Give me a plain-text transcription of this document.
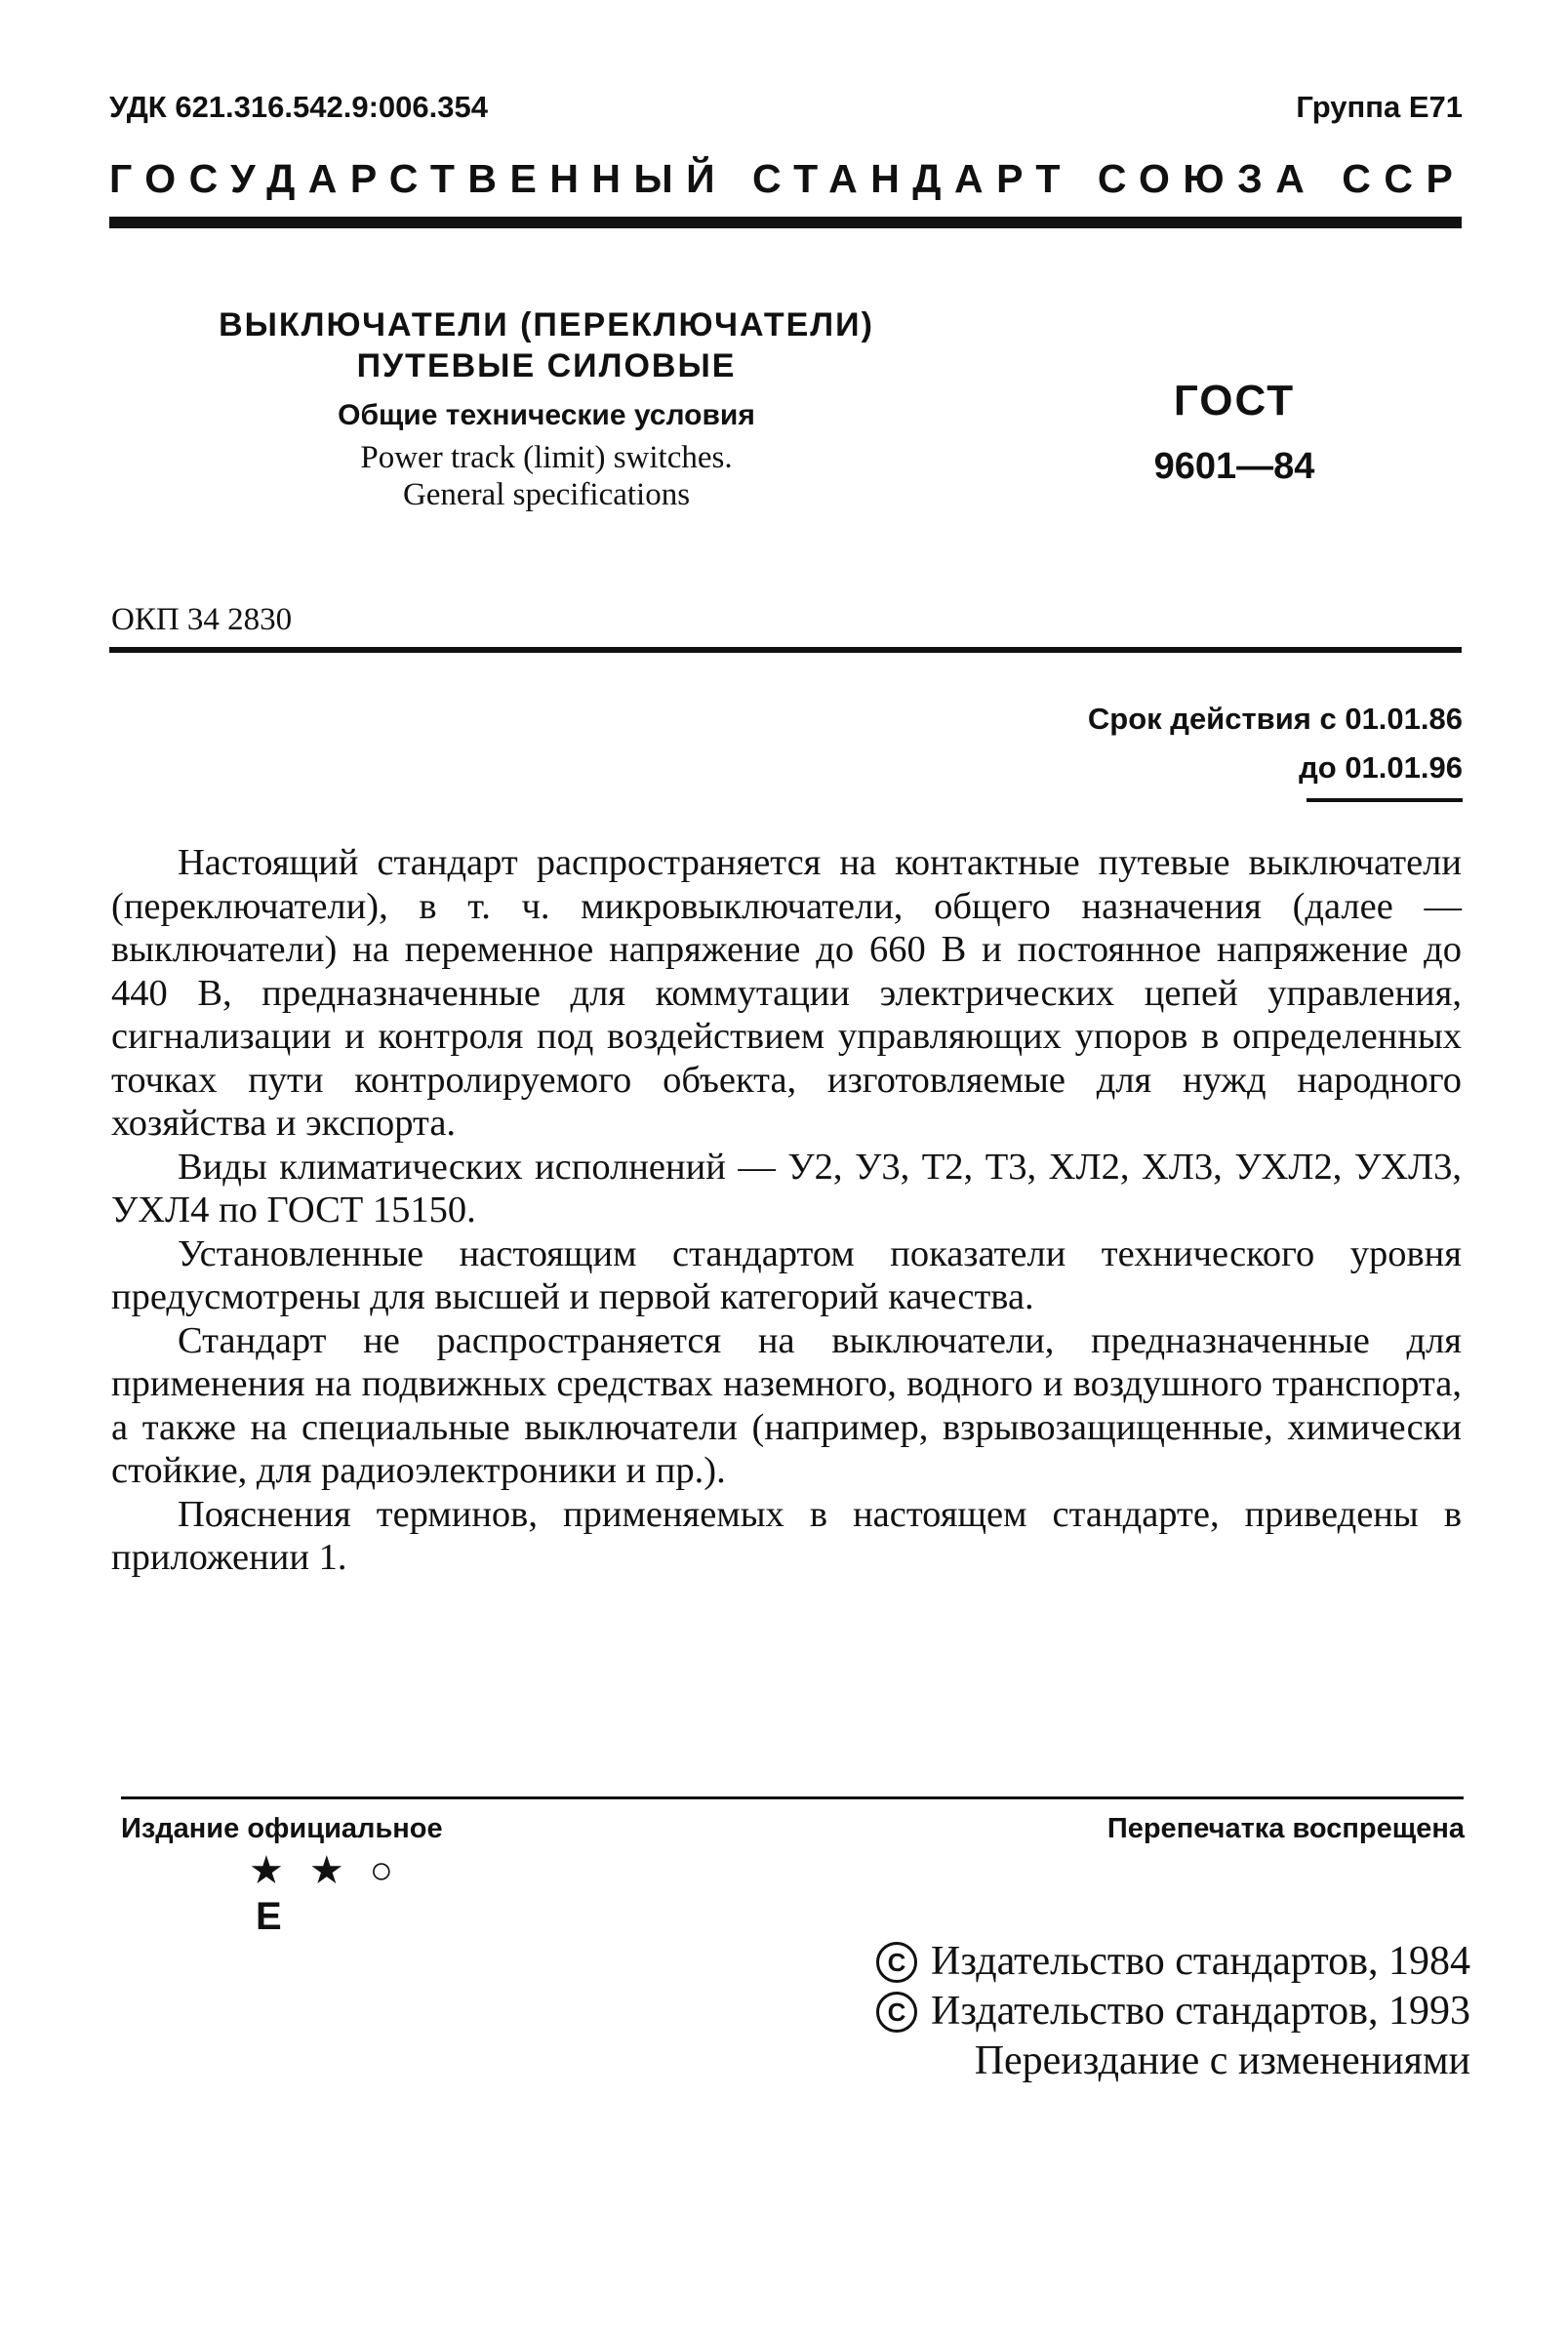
УДК 621.316.542.9:006.354	Группа Е71
ГОСУДАРСТВЕННЫЙ СТАНДАРТ СОЮЗА ССР
ВЫКЛЮЧАТЕЛИ (ПЕРЕКЛЮЧАТЕЛИ)
ПУТЕВЫЕ СИЛОВЫЕ
Общие технические условия
Power track (limit) switches.
General specifications
ГОСТ
9601—84
ОКП 34 2830
Срок действия с 01.01.86
до 01.01.96

Настоящий стандарт распространяется на контактные путевые выключатели (переключатели), в т. ч. микровыключатели, общего назначения (далее — выключатели) на переменное напряжение до 660 В и постоянное напряжение до 440 В, предназначенные для коммутации электрических цепей управления, сигнализации и контроля под воздействием управляющих упоров в определенных точках пути контролируемого объекта, изготовляемые для нужд народного хозяйства и экспорта.

Виды климатических исполнений — У2, У3, Т2, Т3, ХЛ2, ХЛ3, УХЛ2, УХЛ3, УХЛ4 по ГОСТ 15150.

Установленные настоящим стандартом показатели технического уровня предусмотрены для высшей и первой категорий качества.

Стандарт не распространяется на выключатели, предназначенные для применения на подвижных средствах наземного, водного и воздушного транспорта, а также на специальные выключатели (например, взрывозащищенные, химически стойкие, для радиоэлектроники и пр.).

Пояснения терминов, применяемых в настоящем стандарте, приведены в приложении 1.

Издание официальное	Перепечатка воспрещена
★ ★ ○
Е
C Издательство стандартов, 1984
C Издательство стандартов, 1993
Переиздание с изменениями
